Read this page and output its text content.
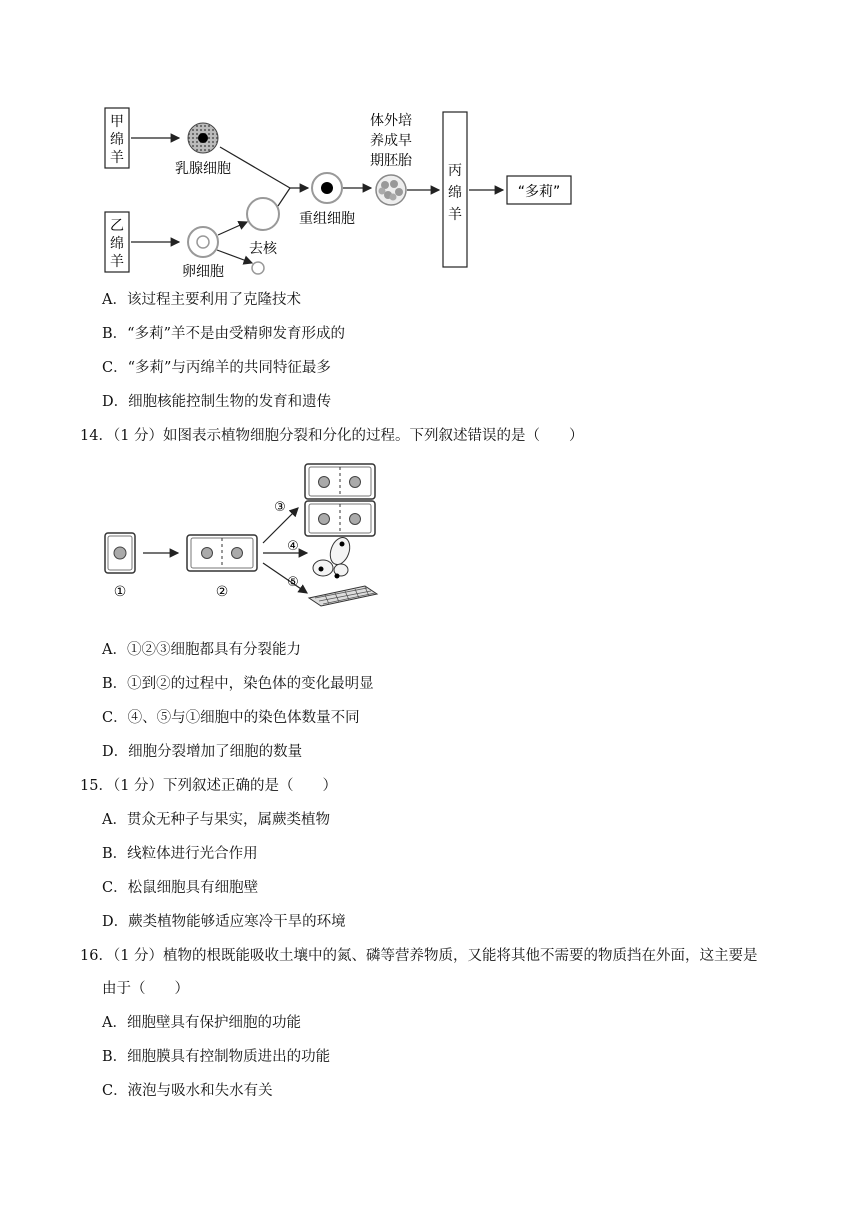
甲
绵
羊
乳腺细胞
乙
绵
羊
卵细胞
去核
重组细胞
体外培
养成早
期胚胎
丙
绵
羊
“多莉”
A．该过程主要利用了克隆技术
B．“多莉”羊不是由受精卵发育形成的
C．“多莉”与丙绵羊的共同特征最多
D．细胞核能控制生物的发育和遗传
14．（1 分）如图表示植物细胞分裂和分化的过程。下列叙述错误的是（　　）
①	②
③
④
⑤
A．①②③细胞都具有分裂能力
B．①到②的过程中，染色体的变化最明显
C．④、⑤与①细胞中的染色体数量不同
D．细胞分裂增加了细胞的数量
15．（1 分）下列叙述正确的是（　　）
A．贯众无种子与果实，属蕨类植物
B．线粒体进行光合作用
C．松鼠细胞具有细胞壁
D．蕨类植物能够适应寒冷干旱的环境
16．（1 分）植物的根既能吸收土壤中的氮、磷等营养物质，又能将其他不需要的物质挡在外面，这主要是
由于（　　）
A．细胞壁具有保护细胞的功能
B．细胞膜具有控制物质进出的功能
C．液泡与吸水和失水有关
